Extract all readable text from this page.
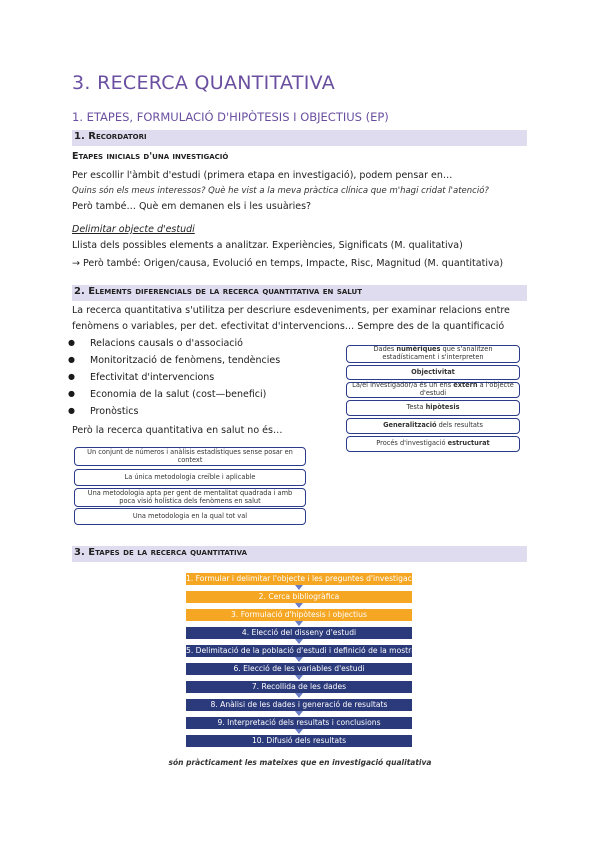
3. RECERCA QUANTITATIVA
1. ETAPES, FORMULACIÓ D'HIPÒTESIS I OBJECTIUS (EP)
1. Recordatori
Etapes inicials d'una investigació
Per escollir l'àmbit d'estudi (primera etapa en investigació), podem pensar en…
Quins són els meus interessos? Què he vist a la meva pràctica clínica que m'hagi cridat l'atenció?
Però també… Què em demanen els i les usuàries?
Delimitar objecte d'estudi
Llista dels possibles elements a analitzar. Experiències, Significats (M. qualitativa)
→ Però també: Origen/causa, Evolució en temps, Impacte, Risc, Magnitud (M. quantitativa)
2. Elements diferencials de la recerca quantitativa en salut
La recerca quantitativa s'utilitza per descriure esdeveniments, per examinar relacions entre
fenòmens o variables, per det. efectivitat d'intervencions… Sempre des de la quantificació
● Relacions causals o d'associació
● Monitorització de fenòmens, tendències
● Efectivitat d'intervencions
● Economia de la salut (cost—benefici)
● Pronòstics
Però la recerca quantitativa en salut no és…
Un conjunt de números i anàlisis estadístiques sense posar en context
La única metodologia creïble i aplicable
Una metodologia apta per gent de mentalitat quadrada i amb poca visió holística dels fenòmens en salut
Una metodologia en la qual tot val
Dades numèriques que s'analitzen estadísticament i s'interpreten
Objectivitat
La/el investigador/a és un ens extern a l'objecte d'estudi
Testa hipòtesis
Generalització dels resultats
Procés d'investigació estructurat
3. Etapes de la recerca quantitativa
1. Formular i delimitar l'objecte i les preguntes d'investigació
2. Cerca bibliogràfica
3. Formulació d'hipòtesis i objectius
4. Elecció del disseny d'estudi
5. Delimitació de la població d'estudi i definició de la mostra
6. Elecció de les variables d'estudi
7. Recollida de les dades
8. Anàlisi de les dades i generació de resultats
9. Interpretació dels resultats i conclusions
10. Difusió dels resultats
són pràcticament les mateixes que en investigació qualitativa
